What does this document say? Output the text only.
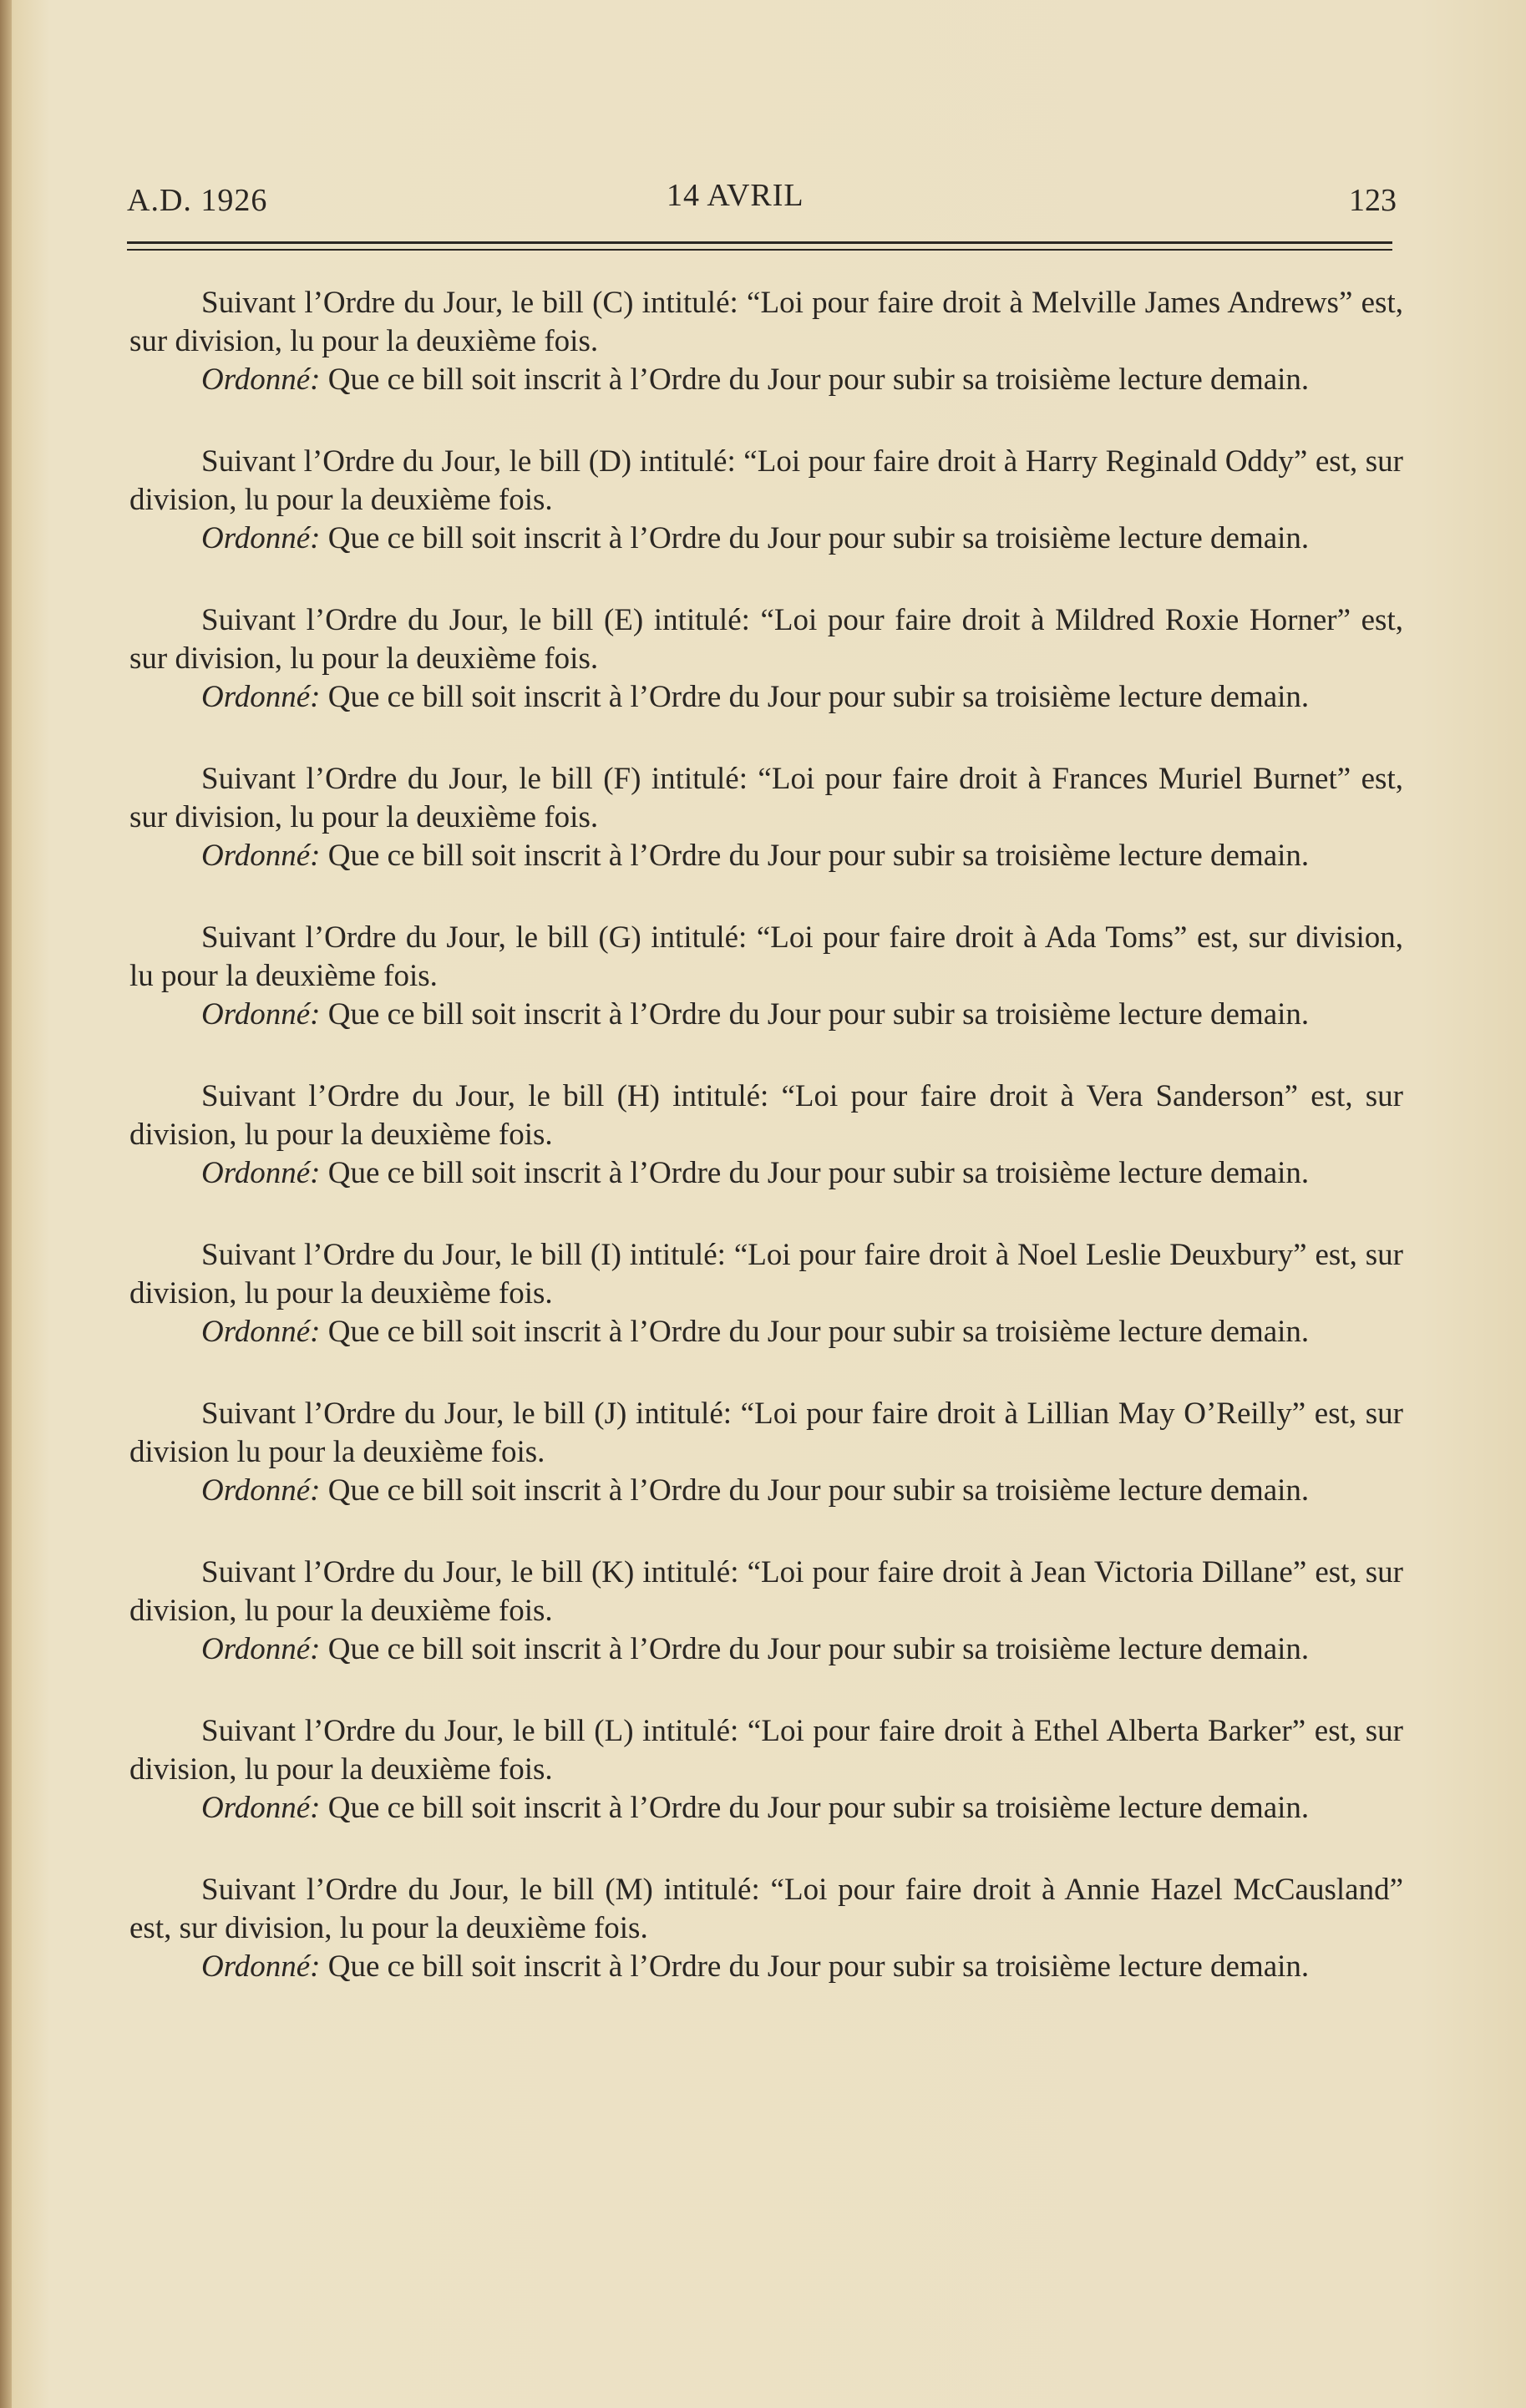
A.D. 1926	14 AVRIL	123

Suivant l’Ordre du Jour, le bill (C) intitulé: “Loi pour faire droit à Melville James Andrews” est, sur division, lu pour la deuxième fois.

Ordonné: Que ce bill soit inscrit à l’Ordre du Jour pour subir sa troisième lecture demain.

Suivant l’Ordre du Jour, le bill (D) intitulé: “Loi pour faire droit à Harry Reginald Oddy” est, sur division, lu pour la deuxième fois.

Ordonné: Que ce bill soit inscrit à l’Ordre du Jour pour subir sa troisième lecture demain.

Suivant l’Ordre du Jour, le bill (E) intitulé: “Loi pour faire droit à Mildred Roxie Horner” est, sur division, lu pour la deuxième fois.

Ordonné: Que ce bill soit inscrit à l’Ordre du Jour pour subir sa troisième lecture demain.

Suivant l’Ordre du Jour, le bill (F) intitulé: “Loi pour faire droit à Frances Muriel Burnet” est, sur division, lu pour la deuxième fois.

Ordonné: Que ce bill soit inscrit à l’Ordre du Jour pour subir sa troisième lecture demain.

Suivant l’Ordre du Jour, le bill (G) intitulé: “Loi pour faire droit à Ada Toms” est, sur division, lu pour la deuxième fois.

Ordonné: Que ce bill soit inscrit à l’Ordre du Jour pour subir sa troisième lecture demain.

Suivant l’Ordre du Jour, le bill (H) intitulé: “Loi pour faire droit à Vera Sanderson” est, sur division, lu pour la deuxième fois.

Ordonné: Que ce bill soit inscrit à l’Ordre du Jour pour subir sa troisième lecture demain.

Suivant l’Ordre du Jour, le bill (I) intitulé: “Loi pour faire droit à Noel Leslie Deuxbury” est, sur division, lu pour la deuxième fois.

Ordonné: Que ce bill soit inscrit à l’Ordre du Jour pour subir sa troisième lecture demain.

Suivant l’Ordre du Jour, le bill (J) intitulé: “Loi pour faire droit à Lillian May O’Reilly” est, sur division lu pour la deuxième fois.

Ordonné: Que ce bill soit inscrit à l’Ordre du Jour pour subir sa troisième lecture demain.

Suivant l’Ordre du Jour, le bill (K) intitulé: “Loi pour faire droit à Jean Victoria Dillane” est, sur division, lu pour la deuxième fois.

Ordonné: Que ce bill soit inscrit à l’Ordre du Jour pour subir sa troisième lecture demain.

Suivant l’Ordre du Jour, le bill (L) intitulé: “Loi pour faire droit à Ethel Alberta Barker” est, sur division, lu pour la deuxième fois.

Ordonné: Que ce bill soit inscrit à l’Ordre du Jour pour subir sa troisième lecture demain.

Suivant l’Ordre du Jour, le bill (M) intitulé: “Loi pour faire droit à Annie Hazel McCausland” est, sur division, lu pour la deuxième fois.

Ordonné: Que ce bill soit inscrit à l’Ordre du Jour pour subir sa troisième lecture demain.
